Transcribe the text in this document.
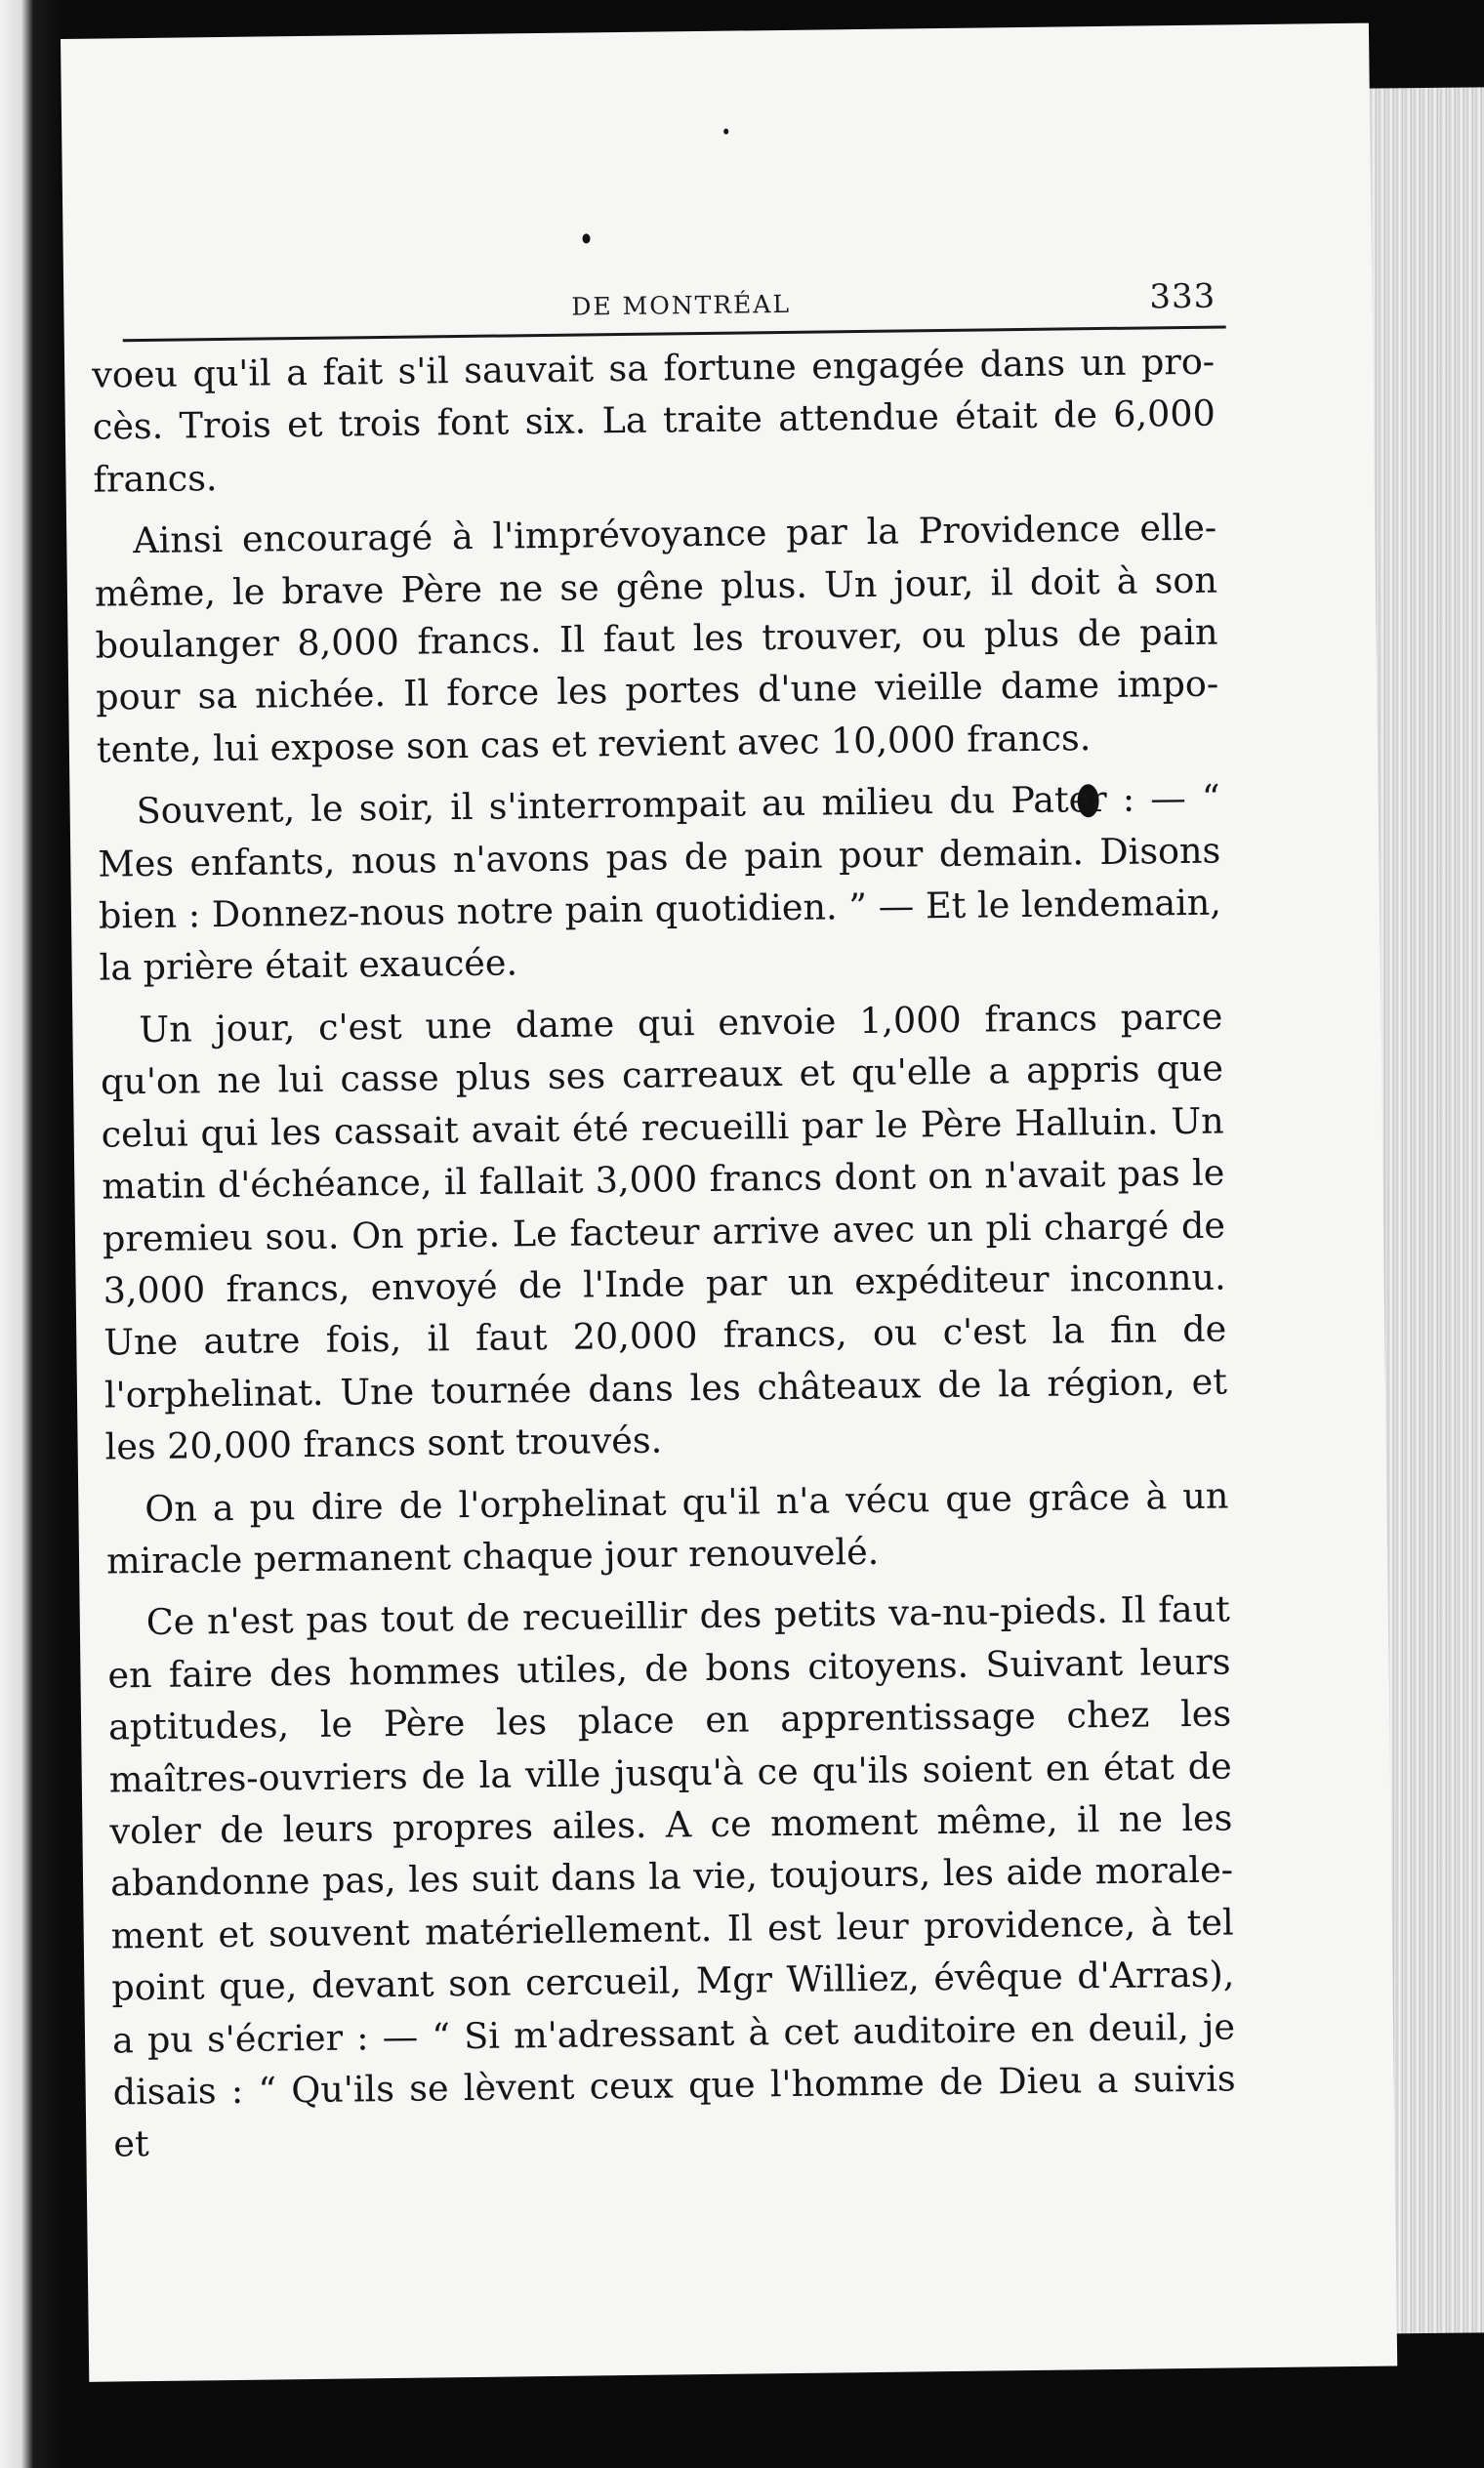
DE MONTRÉAL	333

voeu qu'il a fait s'il sauvait sa fortune engagée dans un procès. Trois et trois font six. La traite attendue était de 6,000 francs.

Ainsi encouragé à l'imprévoyance par la Providence elle-même, le brave Père ne se gêne plus. Un jour, il doit à son boulanger 8,000 francs. Il faut les trouver, ou plus de pain pour sa nichée. Il force les portes d'une vieille dame impotente, lui expose son cas et revient avec 10,000 francs.

Souvent, le soir, il s'interrompait au milieu du Pater : — “ Mes enfants, nous n'avons pas de pain pour demain. Disons bien : Donnez-nous notre pain quotidien. ” — Et le lendemain, la prière était exaucée.

Un jour, c'est une dame qui envoie 1,000 francs parce qu'on ne lui casse plus ses carreaux et qu'elle a appris que celui qui les cassait avait été recueilli par le Père Halluin. Un matin d'échéance, il fallait 3,000 francs dont on n'avait pas le premieu sou. On prie. Le facteur arrive avec un pli chargé de 3,000 francs, envoyé de l'Inde par un expéditeur inconnu. Une autre fois, il faut 20,000 francs, ou c'est la fin de l'orphelinat. Une tournée dans les châteaux de la région, et les 20,000 francs sont trouvés.

On a pu dire de l'orphelinat qu'il n'a vécu que grâce à un miracle permanent chaque jour renouvelé.

Ce n'est pas tout de recueillir des petits va-nu-pieds. Il faut en faire des hommes utiles, de bons citoyens. Suivant leurs aptitudes, le Père les place en apprentissage chez les maîtres-ouvriers de la ville jusqu'à ce qu'ils soient en état de voler de leurs propres ailes. A ce moment même, il ne les abandonne pas, les suit dans la vie, toujours, les aide moralement et souvent matériellement. Il est leur providence, à tel point que, devant son cercueil, Mgr Williez, évêque d'Arras), a pu s'écrier : — “ Si m'adressant à cet auditoire en deuil, je disais : “ Qu'ils se lèvent ceux que l'homme de Dieu a suivis et
